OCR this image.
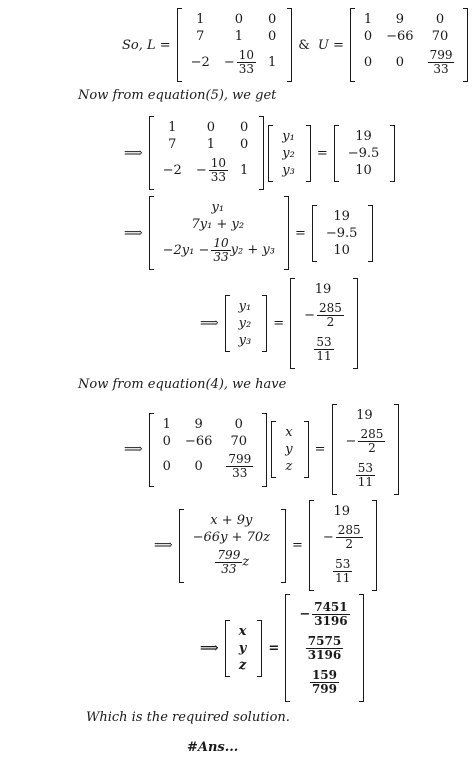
So, L =
1	0	0
7	1	0
−2	− $\frac{10}{33}$	1
& U =
1	9	0
0	−66	70
0	0	$\frac{799}{33}$
Now from equation(5), we get
⟹
1	0	0
7	1	0
−2	− $\frac{10}{33}$	1
y₁
y₂
y₃
=
19
−9.5
10
⟹
y₁
7y₁ + y₂
$-2y_1 - \frac{10}{33} y_2 + y_3$
=
19
−9.5
10
⟹
y₁
y₂
y₃
=
19
− $\frac{285}{2}$

$\frac{53}{11}$
Now from equation(4), we have
⟹
1	9	0
0	−66	70
0	0	$\frac{799}{33}$
x
y
z
=
19
− $\frac{285}{2}$

$\frac{53}{11}$
⟹
x + 9y
−66y + 70z

$\frac{799}{33}$ z
=
19
− $\frac{285}{2}$

$\frac{53}{11}$
⟹
x
y
z
=
− $\frac{7451}{3196}$

$\frac{7575}{3196}$

$\frac{159}{799}$
Which is the required solution.
#Ans...
